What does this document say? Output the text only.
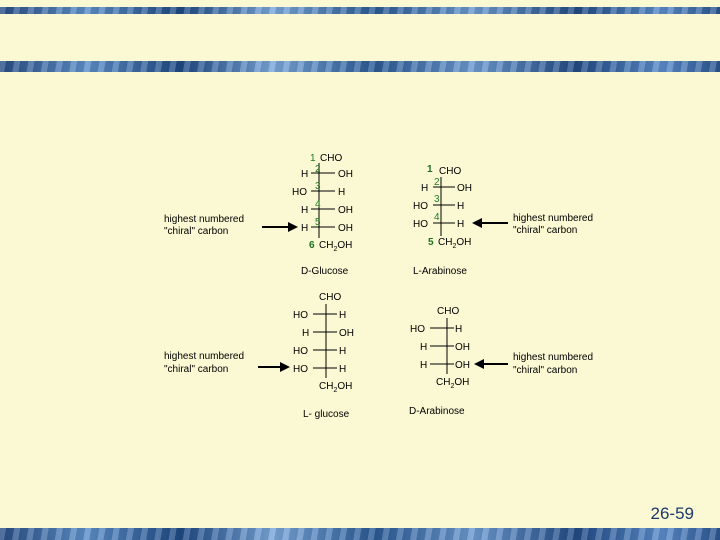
1 CHO
2
H	OH
3
HO	H
4
H	OH
5
H	OH
6 $CH_2OH$
D-Glucose
1 CHO
2
H	OH
3
HO	H
4
HO	H
5 $CH_2OH$
L-Arabinose
CHO
HO	H
H	OH
HO	H
HO	H
$CH_2OH$
L- glucose
CHO
HO	H
H	OH
H	OH
$CH_2OH$
D-Arabinose
highest numbered
"chiral" carbon
highest numbered
"chiral" carbon
highest numbered
"chiral" carbon
highest numbered
"chiral" carbon
26-59
